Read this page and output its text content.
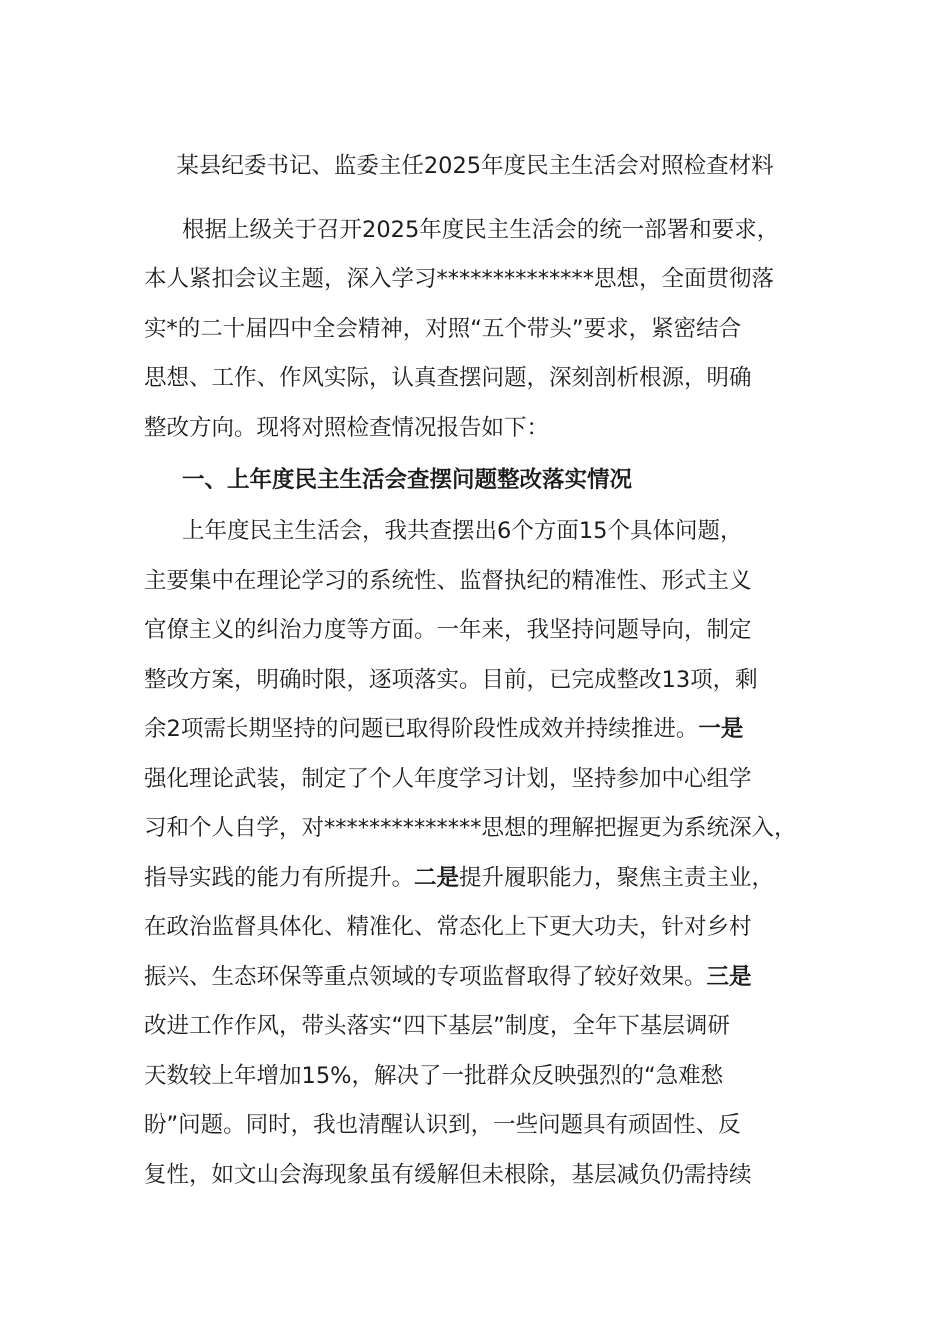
某县纪委书记、监委主任2025年度民主生活会对照检查材料
根据上级关于召开2025年度民主生活会的统一部署和要求，
本人紧扣会议主题，深入学习**************思想，全面贯彻落
实*的二十届四中全会精神，对照“五个带头”要求，紧密结合
思想、工作、作风实际，认真查摆问题，深刻剖析根源，明确
整改方向。现将对照检查情况报告如下：
一、上年度民主生活会查摆问题整改落实情况
上年度民主生活会，我共查摆出6个方面15个具体问题，
主要集中在理论学习的系统性、监督执纪的精准性、形式主义
官僚主义的纠治力度等方面。一年来，我坚持问题导向，制定
整改方案，明确时限，逐项落实。目前，已完成整改13项，剩
余2项需长期坚持的问题已取得阶段性成效并持续推进。一是
强化理论武装，制定了个人年度学习计划，坚持参加中心组学
习和个人自学，对**************思想的理解把握更为系统深入，
指导实践的能力有所提升。二是提升履职能力，聚焦主责主业，
在政治监督具体化、精准化、常态化上下更大功夫，针对乡村
振兴、生态环保等重点领域的专项监督取得了较好效果。三是
改进工作作风，带头落实“四下基层”制度，全年下基层调研
天数较上年增加15%，解决了一批群众反映强烈的“急难愁
盼”问题。同时，我也清醒认识到，一些问题具有顽固性、反
复性，如文山会海现象虽有缓解但未根除，基层减负仍需持续
